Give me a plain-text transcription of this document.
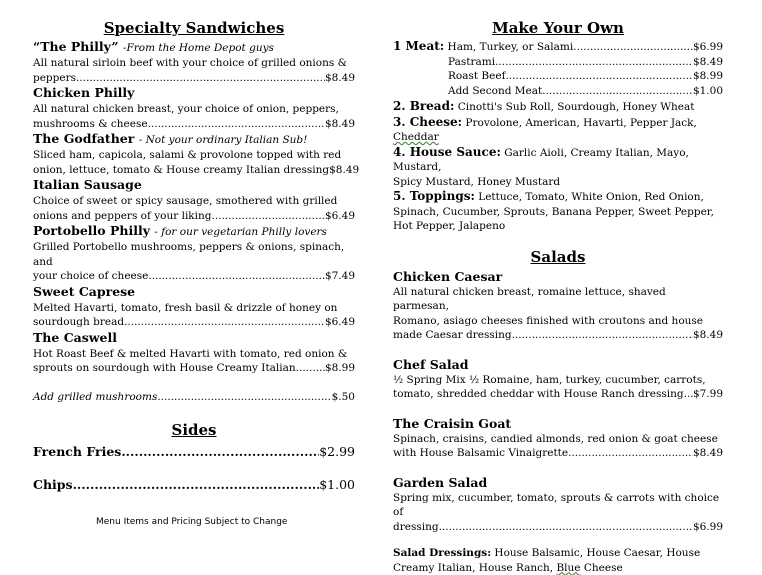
Specialty Sandwiches
“The Philly” -From the Home Depot guys
All natural sirloin beef with your choice of grilled onions &
peppers .....	$8.49
Chicken Philly
All natural chicken breast, your choice of onion, peppers,
mushrooms & cheese .....	$8.49
The Godfather - Not your ordinary Italian Sub!
Sliced ham, capicola, salami & provolone topped with red
onion, lettuce, tomato & House creamy Italian dressing $8.49
Italian Sausage
Choice of sweet or spicy sausage, smothered with grilled
onions and peppers of your liking .....	$6.49
Portobello Philly - for our vegetarian Philly lovers
Grilled Portobello mushrooms, peppers & onions, spinach, and
your choice of cheese .....	$7.49
Sweet Caprese
Melted Havarti, tomato, fresh basil & drizzle of honey on
sourdough bread .....	$6.49
The Caswell
Hot Roast Beef & melted Havarti with tomato, red onion &
sprouts on sourdough with House Creamy Italian .....	$8.99
Add grilled mushrooms .....	$.50
Sides
French Fries .....	$2.99
Chips .....	$1.00
Menu Items and Pricing Subject to Change
Make Your Own
1 Meat: Ham, Turkey, or Salami .....	$6.99
Pastrami .....	$8.49
Roast Beef .....	$8.99
Add Second Meat .....	$1.00
2. Bread: Cinotti's Sub Roll, Sourdough, Honey Wheat
3. Cheese: Provolone, American, Havarti, Pepper Jack,
Cheddar
4. House Sauce: Garlic Aioli, Creamy Italian, Mayo, Mustard,
Spicy Mustard, Honey Mustard
5. Toppings: Lettuce, Tomato, White Onion, Red Onion,
Spinach, Cucumber, Sprouts, Banana Pepper, Sweet Pepper,
Hot Pepper, Jalapeno
Salads
Chicken Caesar
All natural chicken breast, romaine lettuce, shaved parmesan,
Romano, asiago cheeses finished with croutons and house
made Caesar dressing .....	$8.49
Chef Salad
½ Spring Mix ½ Romaine, ham, turkey, cucumber, carrots,
tomato, shredded cheddar with House Ranch dressing ..... $7.99
The Craisin Goat
Spinach, craisins, candied almonds, red onion & goat cheese
with House Balsamic Vinaigrette .....	$8.49
Garden Salad
Spring mix, cucumber, tomato, sprouts & carrots with choice of
dressing .....	$6.99
Salad Dressings: House Balsamic, House Caesar, House
Creamy Italian, House Ranch, Blue Cheese
